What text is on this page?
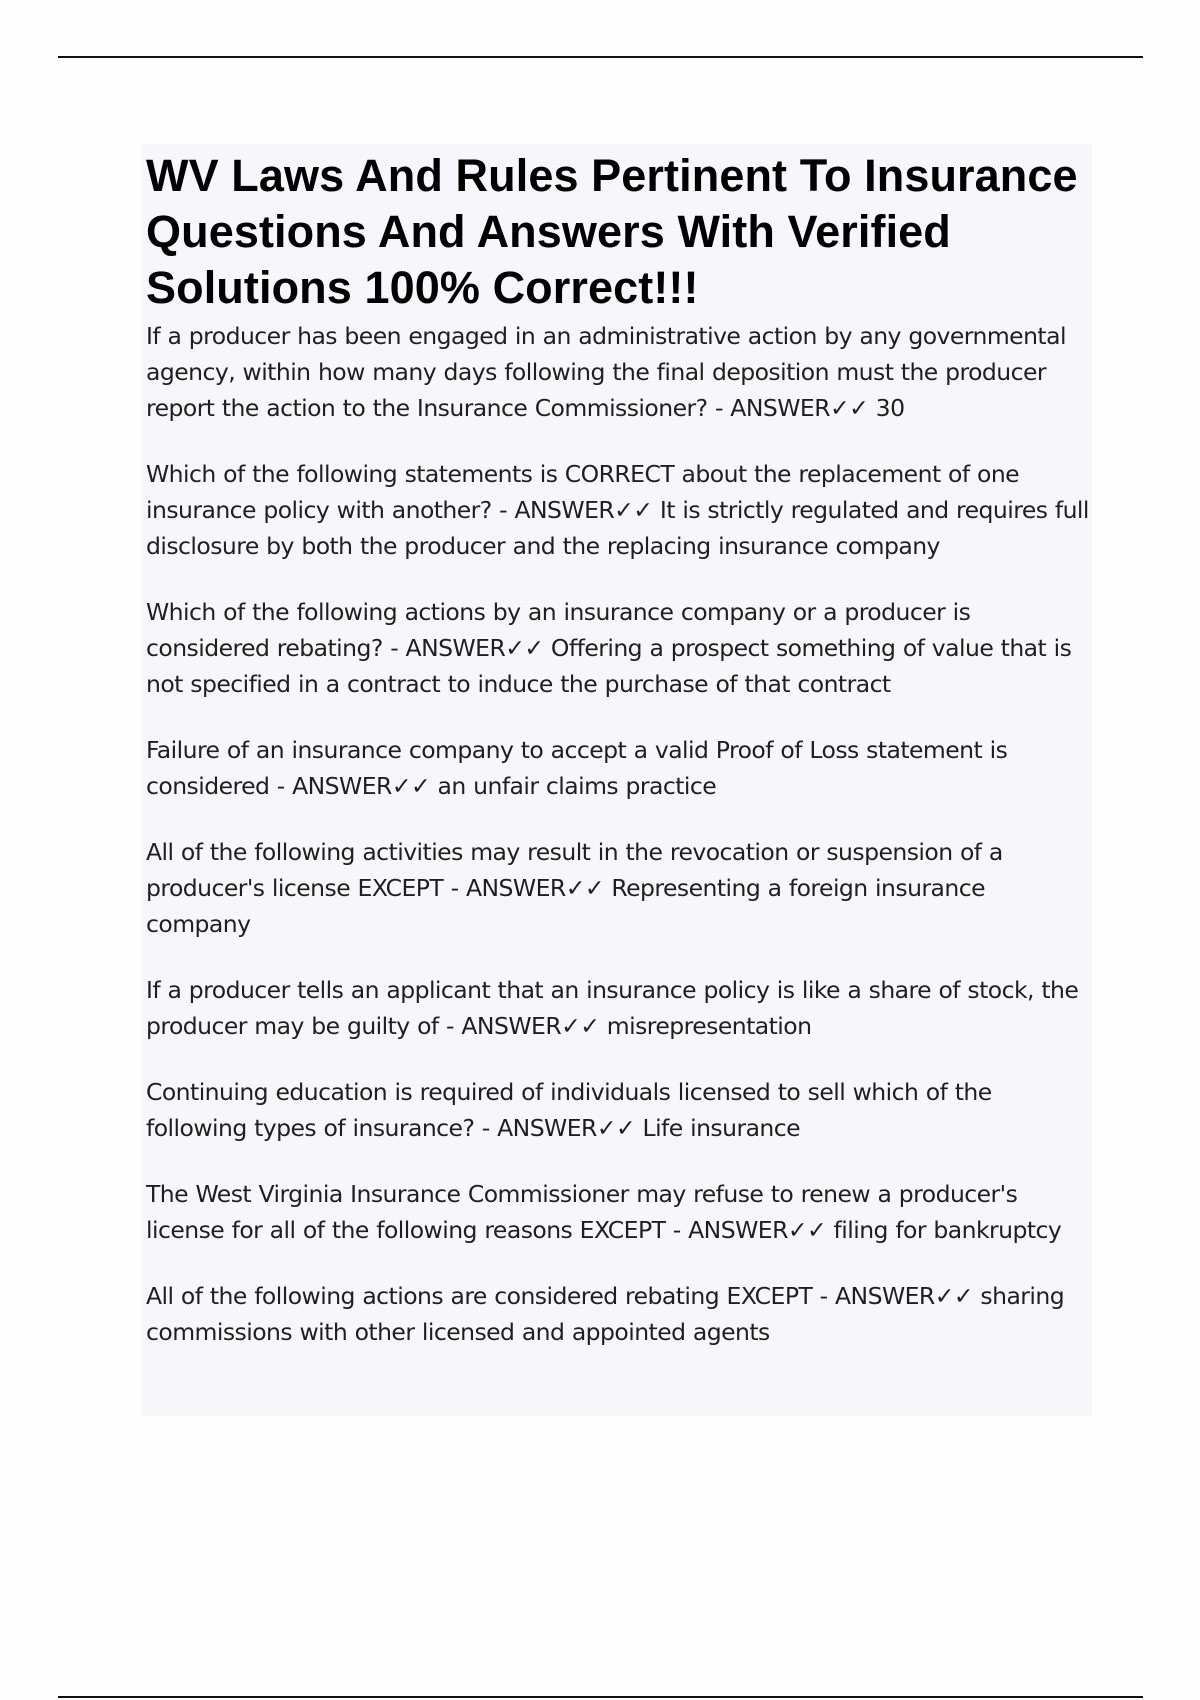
WV Laws And Rules Pertinent To Insurance Questions And Answers With Verified Solutions 100% Correct!!!
If a producer has been engaged in an administrative action by any governmental agency, within how many days following the final deposition must the producer report the action to the Insurance Commissioner? - ANSWER✓✓ 30
Which of the following statements is CORRECT about the replacement of one insurance policy with another? - ANSWER✓✓ It is strictly regulated and requires full disclosure by both the producer and the replacing insurance company
Which of the following actions by an insurance company or a producer is considered rebating? - ANSWER✓✓ Offering a prospect something of value that is not specified in a contract to induce the purchase of that contract
Failure of an insurance company to accept a valid Proof of Loss statement is considered - ANSWER✓✓ an unfair claims practice
All of the following activities may result in the revocation or suspension of a producer's license EXCEPT - ANSWER✓✓ Representing a foreign insurance company
If a producer tells an applicant that an insurance policy is like a share of stock, the producer may be guilty of - ANSWER✓✓ misrepresentation
Continuing education is required of individuals licensed to sell which of the following types of insurance? - ANSWER✓✓ Life insurance
The West Virginia Insurance Commissioner may refuse to renew a producer's license for all of the following reasons EXCEPT - ANSWER✓✓ filing for bankruptcy
All of the following actions are considered rebating EXCEPT - ANSWER✓✓ sharing commissions with other licensed and appointed agents
